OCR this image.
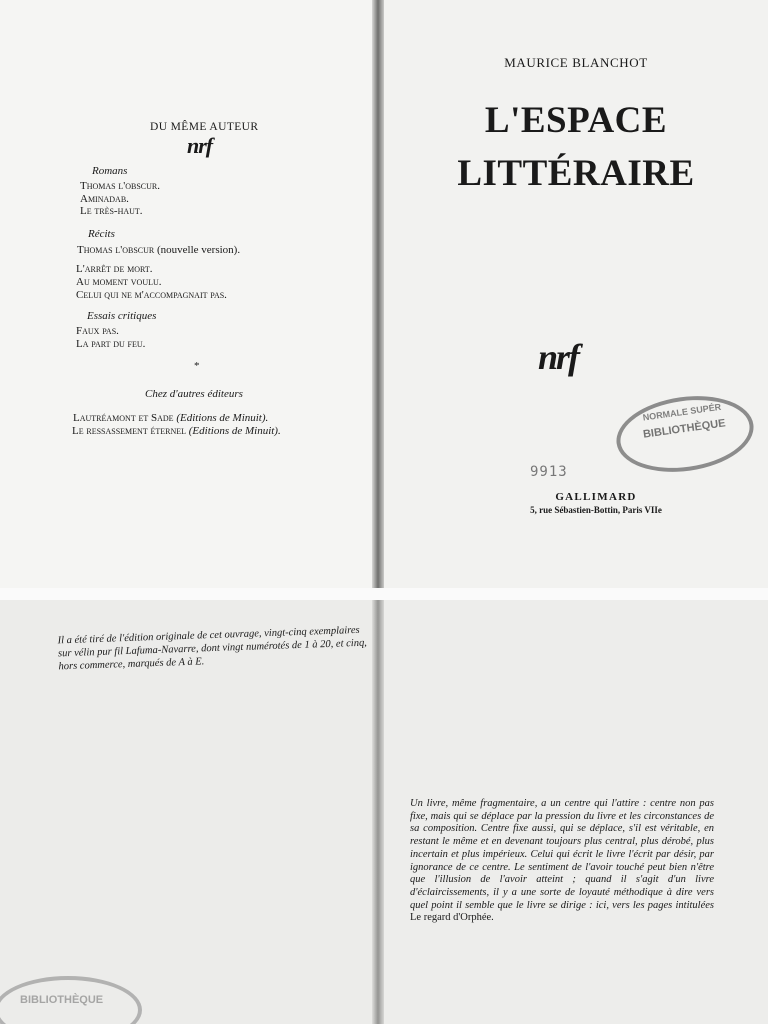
DU MÊME AUTEUR
nrf
Romans
Thomas l'obscur.
Aminadab.
Le très-haut.
Récits
Thomas l'obscur (nouvelle version).
L'arrêt de mort.
Au moment voulu.
Celui qui ne m'accompagnait pas.
Essais critiques
Faux pas.
La part du feu.
*
Chez d'autres éditeurs
Lautréamont et Sade (Editions de Minuit).
Le ressassement éternel (Editions de Minuit).
MAURICE BLANCHOT
L'ESPACE
LITTÉRAIRE
nrf
NORMALE SUPÉR
BIBLIOTHÈQUE
9913
GALLIMARD
5, rue Sébastien-Bottin, Paris VIIe
Il a été tiré de l'édition originale de cet ouvrage, vingt-cinq exemplaires sur vélin pur fil Lafuma-Navarre, dont vingt numérotés de 1 à 20, et cinq, hors commerce, marqués de A à E.
BIBLIOTHÈQUE
Un livre, même fragmentaire, a un centre qui l'attire : centre non pas fixe, mais qui se déplace par la pression du livre et les circonstances de sa composition. Centre fixe aussi, qui se déplace, s'il est véritable, en restant le même et en devenant toujours plus central, plus dérobé, plus incertain et plus impérieux. Celui qui écrit le livre l'écrit par désir, par ignorance de ce centre. Le sentiment de l'avoir touché peut bien n'être que l'illusion de l'avoir atteint ; quand il s'agit d'un livre d'éclaircissements, il y a une sorte de loyauté méthodique à dire vers quel point il semble que le livre se dirige : ici, vers les pages intitulées Le regard d'Orphée.
